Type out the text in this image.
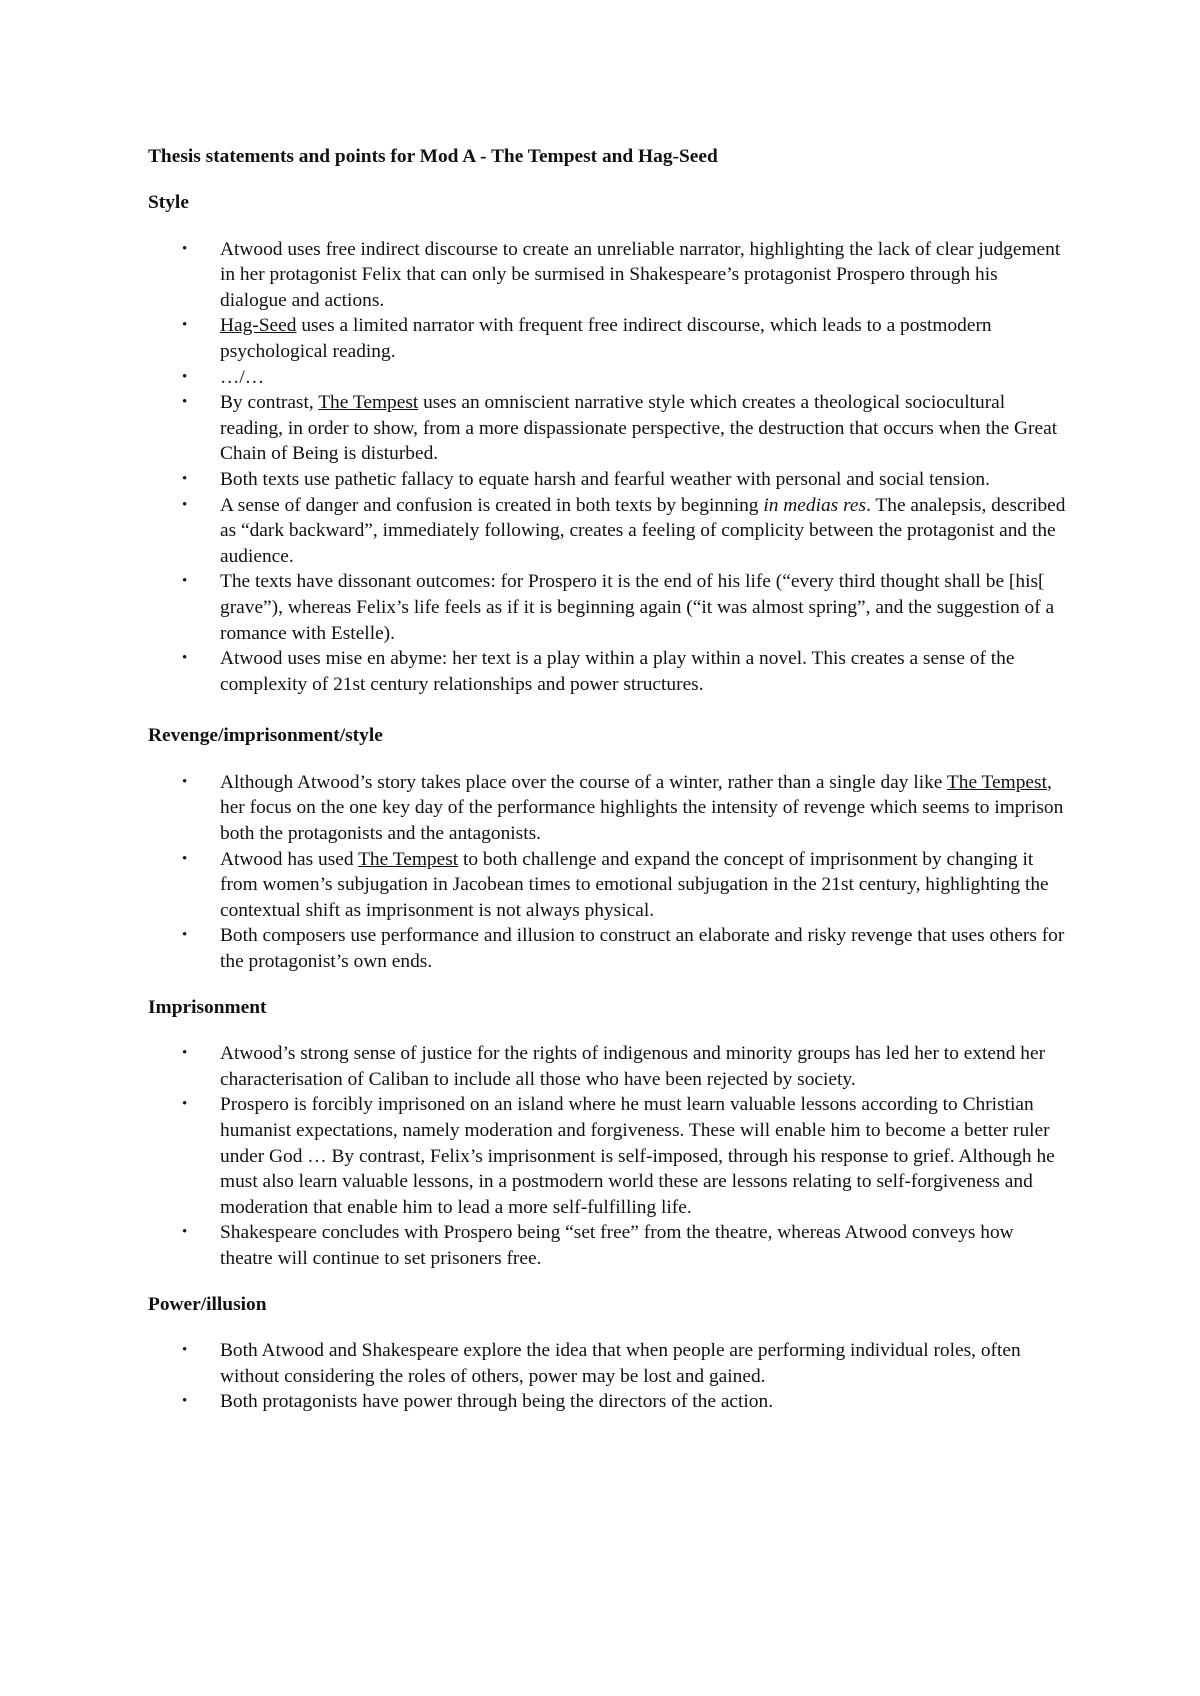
Thesis statements and points for Mod A - The Tempest and Hag-Seed
Style
• Atwood uses free indirect discourse to create an unreliable narrator, highlighting the lack of clear judgement in her protagonist Felix that can only be surmised in Shakespeare’s protagonist Prospero through his dialogue and actions.
• Hag-Seed uses a limited narrator with frequent free indirect discourse, which leads to a postmodern psychological reading.
• …/…
• By contrast, The Tempest uses an omniscient narrative style which creates a theological sociocultural reading, in order to show, from a more dispassionate perspective, the destruction that occurs when the Great Chain of Being is disturbed.
• Both texts use pathetic fallacy to equate harsh and fearful weather with personal and social tension.
• A sense of danger and confusion is created in both texts by beginning in medias res. The analepsis, described as “dark backward”, immediately following, creates a feeling of complicity between the protagonist and the audience.
• The texts have dissonant outcomes: for Prospero it is the end of his life (“every third thought shall be [his[ grave”), whereas Felix’s life feels as if it is beginning again (“it was almost spring”, and the suggestion of a romance with Estelle).
• Atwood uses mise en abyme: her text is a play within a play within a novel. This creates a sense of the complexity of 21st century relationships and power structures.
Revenge/imprisonment/style
• Although Atwood’s story takes place over the course of a winter, rather than a single day like The Tempest, her focus on the one key day of the performance highlights the intensity of revenge which seems to imprison both the protagonists and the antagonists.
• Atwood has used The Tempest to both challenge and expand the concept of imprisonment by changing it from women’s subjugation in Jacobean times to emotional subjugation in the 21st century, highlighting the contextual shift as imprisonment is not always physical.
• Both composers use performance and illusion to construct an elaborate and risky revenge that uses others for the protagonist’s own ends.
Imprisonment
• Atwood’s strong sense of justice for the rights of indigenous and minority groups has led her to extend her characterisation of Caliban to include all those who have been rejected by society.
• Prospero is forcibly imprisoned on an island where he must learn valuable lessons according to Christian humanist expectations, namely moderation and forgiveness. These will enable him to become a better ruler under God … By contrast, Felix’s imprisonment is self-imposed, through his response to grief. Although he must also learn valuable lessons, in a postmodern world these are lessons relating to self-forgiveness and moderation that enable him to lead a more self-fulfilling life.
• Shakespeare concludes with Prospero being “set free” from the theatre, whereas Atwood conveys how theatre will continue to set prisoners free.
Power/illusion
• Both Atwood and Shakespeare explore the idea that when people are performing individual roles, often without considering the roles of others, power may be lost and gained.
• Both protagonists have power through being the directors of the action.
